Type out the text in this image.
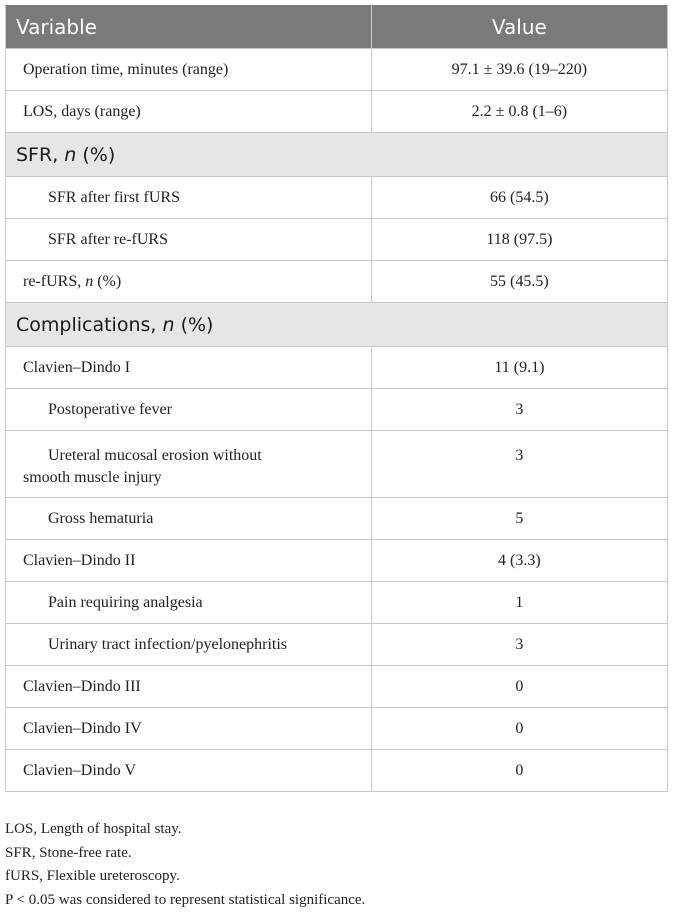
Variable	Value
Operation time, minutes (range)	97.1 ± 39.6 (19–220)
LOS, days (range)	2.2 ± 0.8 (1–6)
SFR, n (%)	
SFR after first fURS	66 (54.5)
SFR after re-fURS	118 (97.5)
re-fURS, n (%)	55 (45.5)
Complications, n (%)	
Clavien–Dindo I	11 (9.1)
Postoperative fever	3
Ureteral mucosal erosion without
smooth muscle injury	3
Gross hematuria	5
Clavien–Dindo II	4 (3.3)
Pain requiring analgesia	1
Urinary tract infection/pyelonephritis	3
Clavien–Dindo III	0
Clavien–Dindo IV	0
Clavien–Dindo V	0
LOS, Length of hospital stay.
SFR, Stone-free rate.
fURS, Flexible ureteroscopy.
P < 0.05 was considered to represent statistical significance.
